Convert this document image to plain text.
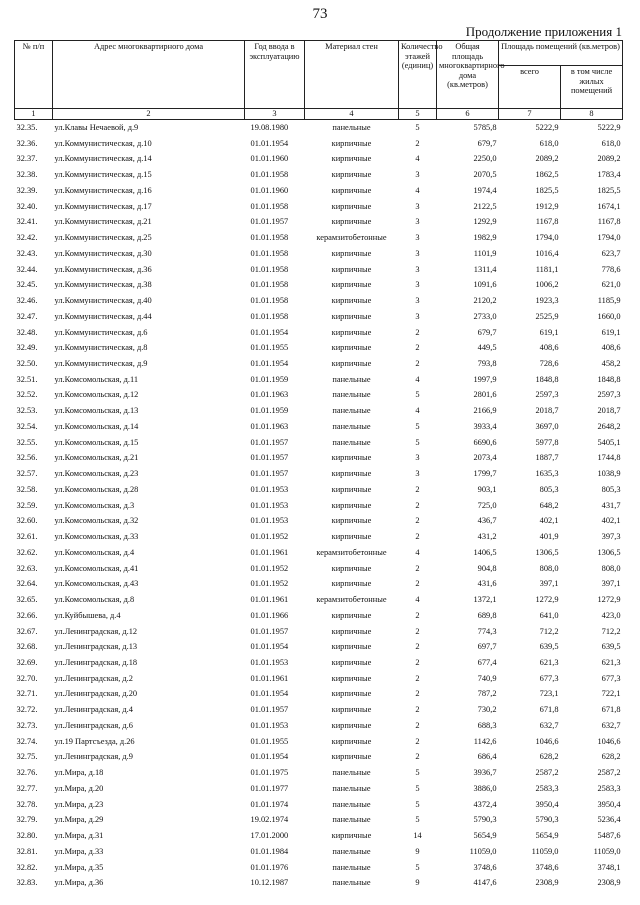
73
Продолжение приложения 1
№ п/п	Адрес многоквартирного дома	Год ввода в эксплуатацию	Материал стен	Количество этажей (единиц)	Общая площадь многоквартирного дома (кв.метров)	Площадь помещений (кв.метров)	
						всего	в том числе жилых помещений
1	2	3	4	5	6	7	8
32.35.	ул.Клавы Нечаевой, д.9	19.08.1980	панельные	5	5785,8	5222,9	5222,9
32.36.	ул.Коммунистическая, д.10	01.01.1954	кирпичные	2	679,7	618,0	618,0
32.37.	ул.Коммунистическая, д.14	01.01.1960	кирпичные	4	2250,0	2089,2	2089,2
32.38.	ул.Коммунистическая, д.15	01.01.1958	кирпичные	3	2070,5	1862,5	1783,4
32.39.	ул.Коммунистическая, д.16	01.01.1960	кирпичные	4	1974,4	1825,5	1825,5
32.40.	ул.Коммунистическая, д.17	01.01.1958	кирпичные	3	2122,5	1912,9	1674,1
32.41.	ул.Коммунистическая, д.21	01.01.1957	кирпичные	3	1292,9	1167,8	1167,8
32.42.	ул.Коммунистическая, д.25	01.01.1958	керамзитобетонные	3	1982,9	1794,0	1794,0
32.43.	ул.Коммунистическая, д.30	01.01.1958	кирпичные	3	1101,9	1016,4	623,7
32.44.	ул.Коммунистическая, д.36	01.01.1958	кирпичные	3	1311,4	1181,1	778,6
32.45.	ул.Коммунистическая, д.38	01.01.1958	кирпичные	3	1091,6	1006,2	621,0
32.46.	ул.Коммунистическая, д.40	01.01.1958	кирпичные	3	2120,2	1923,3	1185,9
32.47.	ул.Коммунистическая, д.44	01.01.1958	кирпичные	3	2733,0	2525,9	1660,0
32.48.	ул.Коммунистическая, д.6	01.01.1954	кирпичные	2	679,7	619,1	619,1
32.49.	ул.Коммунистическая, д.8	01.01.1955	кирпичные	2	449,5	408,6	408,6
32.50.	ул.Коммунистическая, д.9	01.01.1954	кирпичные	2	793,8	728,6	458,2
32.51.	ул.Комсомольская, д.11	01.01.1959	панельные	4	1997,9	1848,8	1848,8
32.52.	ул.Комсомольская, д.12	01.01.1963	панельные	5	2801,6	2597,3	2597,3
32.53.	ул.Комсомольская, д.13	01.01.1959	панельные	4	2166,9	2018,7	2018,7
32.54.	ул.Комсомольская, д.14	01.01.1963	панельные	5	3933,4	3697,0	2648,2
32.55.	ул.Комсомольская, д.15	01.01.1957	панельные	5	6690,6	5977,8	5405,1
32.56.	ул.Комсомольская, д.21	01.01.1957	кирпичные	3	2073,4	1887,7	1744,8
32.57.	ул.Комсомольская, д.23	01.01.1957	кирпичные	3	1799,7	1635,3	1038,9
32.58.	ул.Комсомольская, д.28	01.01.1953	кирпичные	2	903,1	805,3	805,3
32.59.	ул.Комсомольская, д.3	01.01.1953	кирпичные	2	725,0	648,2	431,7
32.60.	ул.Комсомольская, д.32	01.01.1953	кирпичные	2	436,7	402,1	402,1
32.61.	ул.Комсомольская, д.33	01.01.1952	кирпичные	2	431,2	401,9	397,3
32.62.	ул.Комсомольская, д.4	01.01.1961	керамзитобетонные	4	1406,5	1306,5	1306,5
32.63.	ул.Комсомольская, д.41	01.01.1952	кирпичные	2	904,8	808,0	808,0
32.64.	ул.Комсомольская, д.43	01.01.1952	кирпичные	2	431,6	397,1	397,1
32.65.	ул.Комсомольская, д.8	01.01.1961	керамзитобетонные	4	1372,1	1272,9	1272,9
32.66.	ул.Куйбышева, д.4	01.01.1966	кирпичные	2	689,8	641,0	423,0
32.67.	ул.Ленинградская, д.12	01.01.1957	кирпичные	2	774,3	712,2	712,2
32.68.	ул.Ленинградская, д.13	01.01.1954	кирпичные	2	697,7	639,5	639,5
32.69.	ул.Ленинградская, д.18	01.01.1953	кирпичные	2	677,4	621,3	621,3
32.70.	ул.Ленинградская, д.2	01.01.1961	кирпичные	2	740,9	677,3	677,3
32.71.	ул.Ленинградская, д.20	01.01.1954	кирпичные	2	787,2	723,1	722,1
32.72.	ул.Ленинградская, д.4	01.01.1957	кирпичные	2	730,2	671,8	671,8
32.73.	ул.Ленинградская, д.6	01.01.1953	кирпичные	2	688,3	632,7	632,7
32.74.	ул.19 Партсъезда, д.26	01.01.1955	кирпичные	2	1142,6	1046,6	1046,6
32.75.	ул.Ленинградская, д.9	01.01.1954	кирпичные	2	686,4	628,2	628,2
32.76.	ул.Мира, д.18	01.01.1975	панельные	5	3936,7	2587,2	2587,2
32.77.	ул.Мира, д.20	01.01.1977	панельные	5	3886,0	2583,3	2583,3
32.78.	ул.Мира, д.23	01.01.1974	панельные	5	4372,4	3950,4	3950,4
32.79.	ул.Мира, д.29	19.02.1974	панельные	5	5790,3	5790,3	5236,4
32.80.	ул.Мира, д.31	17.01.2000	кирпичные	14	5654,9	5654,9	5487,6
32.81.	ул.Мира, д.33	01.01.1984	панельные	9	11059,0	11059,0	11059,0
32.82.	ул.Мира, д.35	01.01.1976	панельные	5	3748,6	3748,6	3748,1
32.83.	ул.Мира, д.36	10.12.1987	панельные	9	4147,6	2308,9	2308,9
